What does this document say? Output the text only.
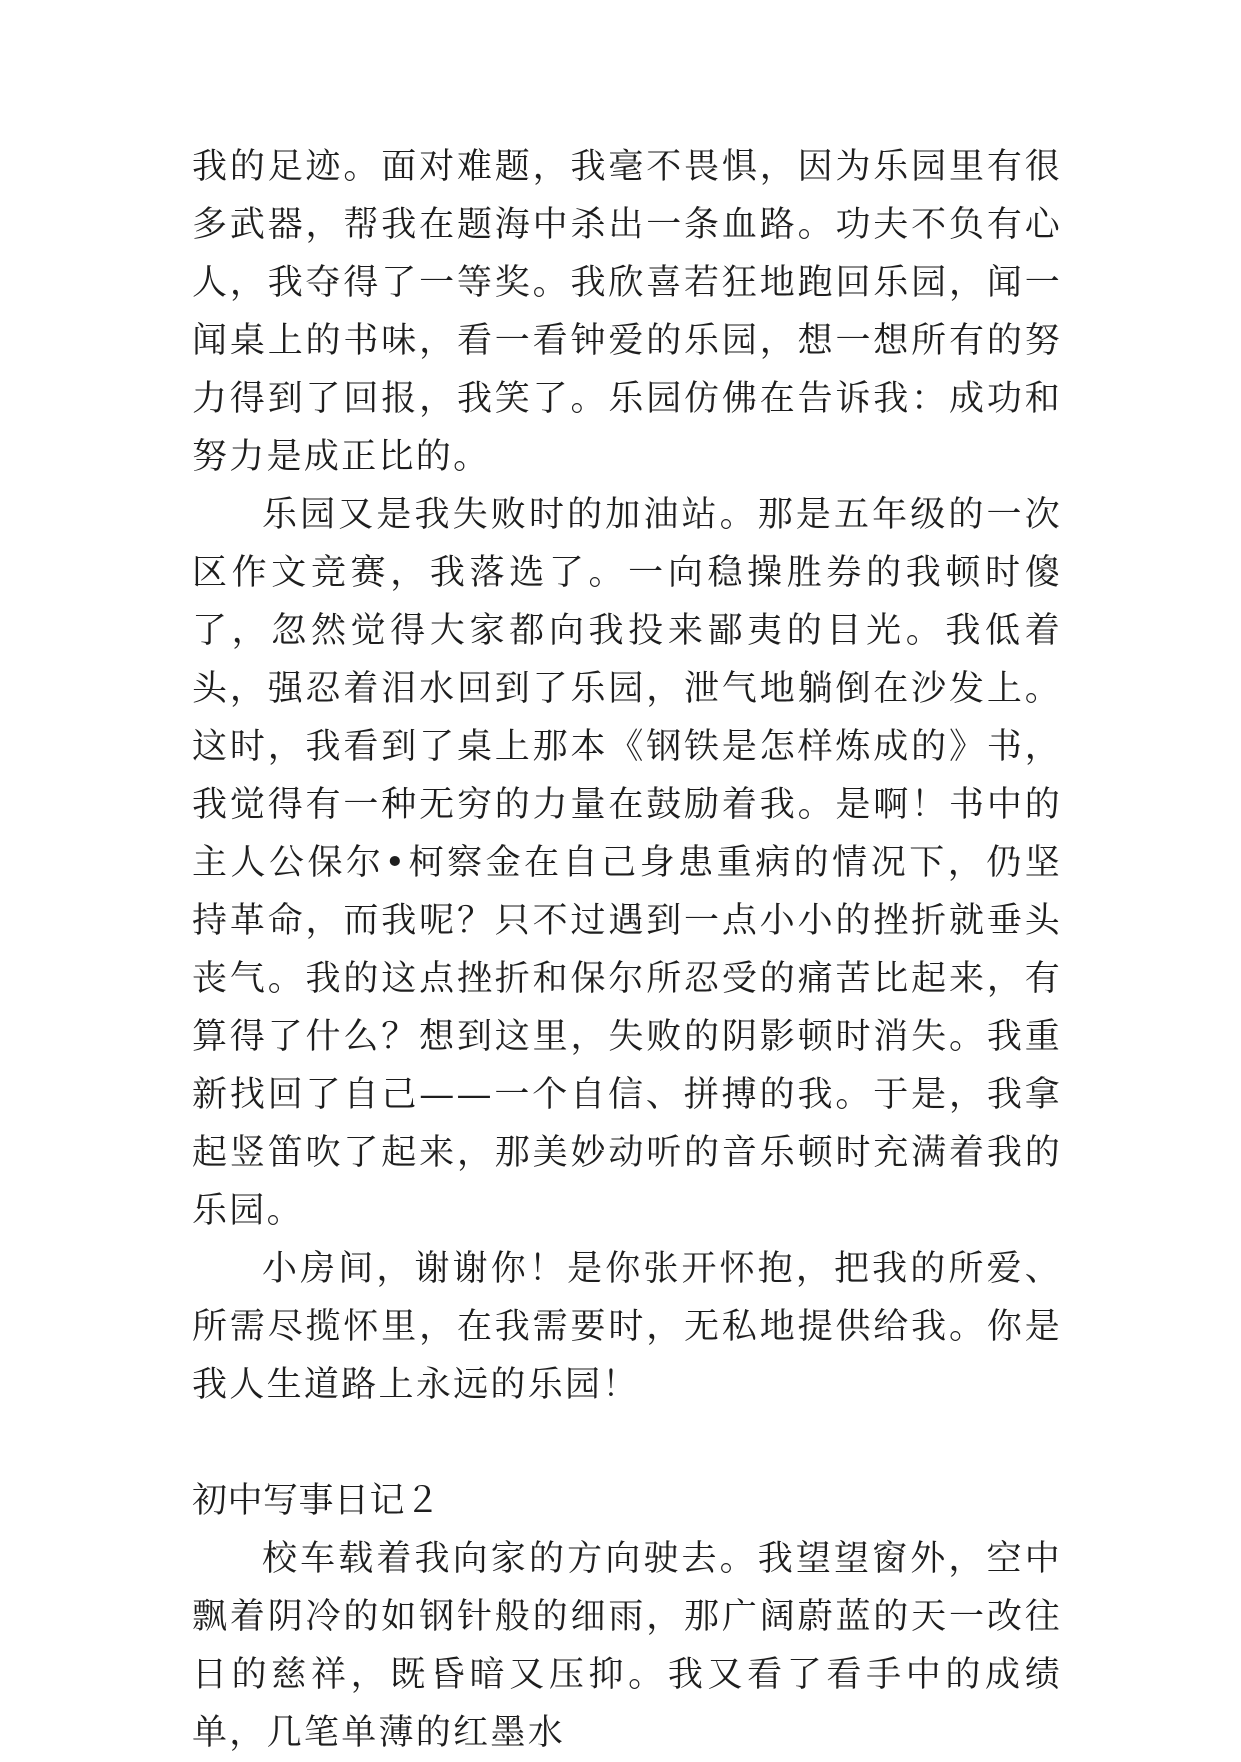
我的足迹。面对难题，我毫不畏惧，因为乐园里有很多武器，帮我在题海中杀出一条血路。功夫不负有心人，我夺得了一等奖。我欣喜若狂地跑回乐园，闻一闻桌上的书味，看一看钟爱的乐园，想一想所有的努力得到了回报，我笑了。乐园仿佛在告诉我：成功和努力是成正比的。

乐园又是我失败时的加油站。那是五年级的一次区作文竞赛，我落选了。一向稳操胜券的我顿时傻了，忽然觉得大家都向我投来鄙夷的目光。我低着头，强忍着泪水回到了乐园，泄气地躺倒在沙发上。这时，我看到了桌上那本《钢铁是怎样炼成的》书，我觉得有一种无穷的力量在鼓励着我。是啊！书中的主人公保尔•柯察金在自己身患重病的情况下，仍坚持革命，而我呢？只不过遇到一点小小的挫折就垂头丧气。我的这点挫折和保尔所忍受的痛苦比起来，有算得了什么？想到这里，失败的阴影顿时消失。我重新找回了自己——一个自信、拼搏的我。于是，我拿起竖笛吹了起来，那美妙动听的音乐顿时充满着我的乐园。

小房间，谢谢你！是你张开怀抱，把我的所爱、所需尽揽怀里，在我需要时，无私地提供给我。你是我人生道路上永远的乐园！

初中写事日记２

校车载着我向家的方向驶去。我望望窗外，空中飘着阴冷的如钢针般的细雨，那广阔蔚蓝的天一改往日的慈祥，既昏暗又压抑。我又看了看手中的成绩单，几笔单薄的红墨水
